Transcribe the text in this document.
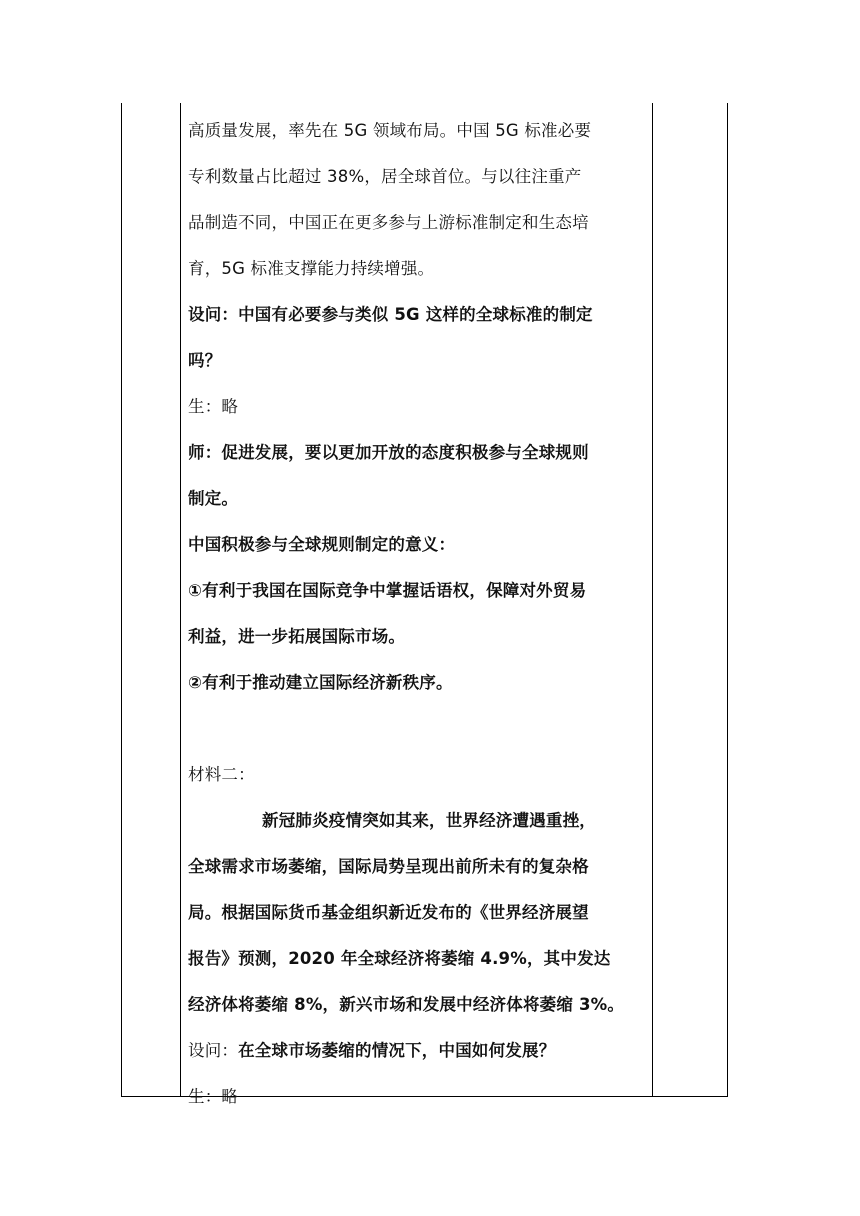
高质量发展，率先在 5G 领域布局。中国 5G 标准必要
专利数量占比超过 38%，居全球首位。与以往注重产
品制造不同，中国正在更多参与上游标准制定和生态培
育，5G 标准支撑能力持续增强。
设问：中国有必要参与类似 5G 这样的全球标准的制定
吗？
生：略
师：促进发展，要以更加开放的态度积极参与全球规则
制定。
中国积极参与全球规则制定的意义：
①有利于我国在国际竞争中掌握话语权，保障对外贸易
利益，进一步拓展国际市场。
②有利于推动建立国际经济新秩序。
材料二：
新冠肺炎疫情突如其来，世界经济遭遇重挫，
全球需求市场萎缩，国际局势呈现出前所未有的复杂格
局。根据国际货币基金组织新近发布的《世界经济展望
报告》预测，2020 年全球经济将萎缩 4.9%，其中发达
经济体将萎缩 8%，新兴市场和发展中经济体将萎缩 3%。
设问：在全球市场萎缩的情况下，中国如何发展？
生：略
